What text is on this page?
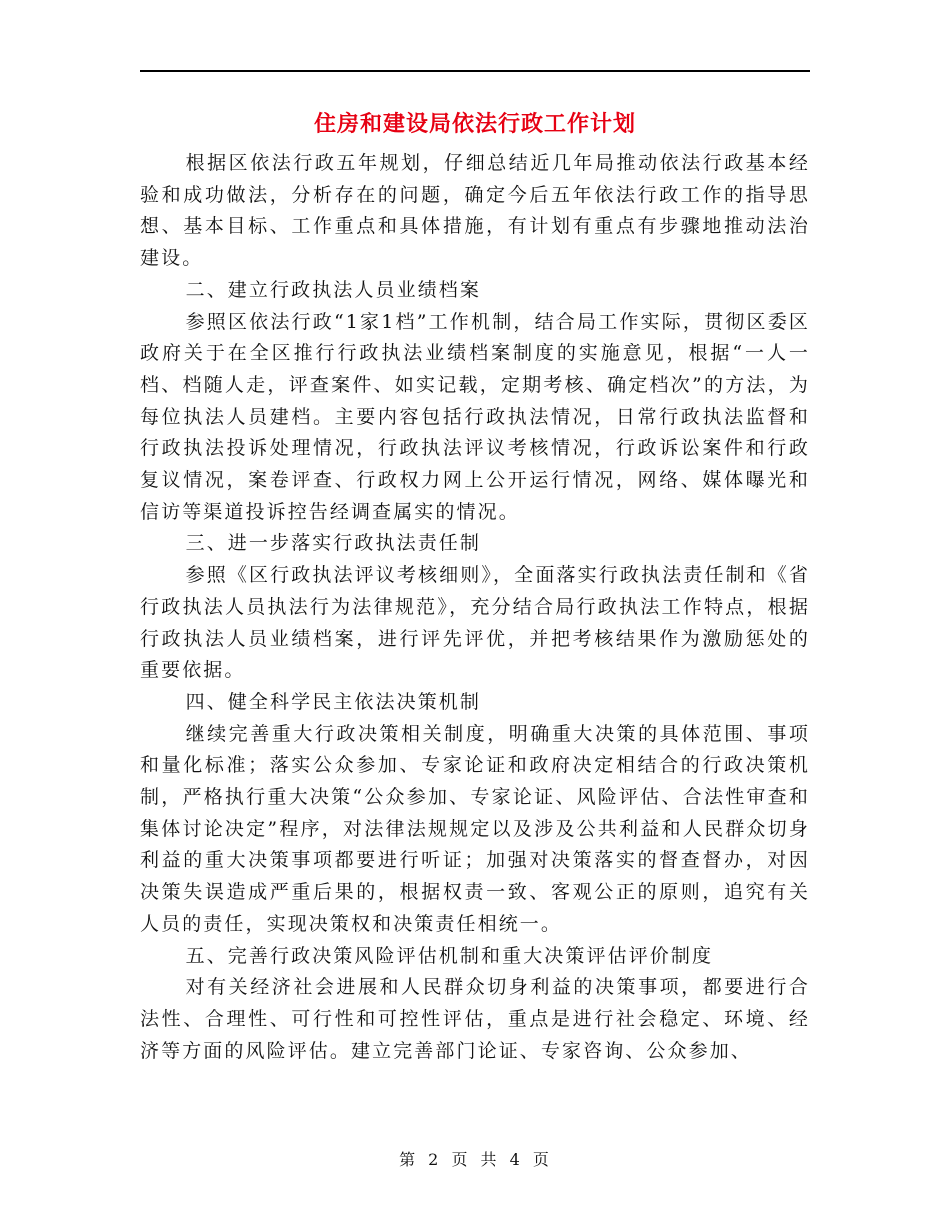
住房和建设局依法行政工作计划

根据区依法行政五年规划，仔细总结近几年局推动依法行政基本经验和成功做法，分析存在的问题，确定今后五年依法行政工作的指导思想、基本目标、工作重点和具体措施，有计划有重点有步骤地推动法治建设。

二、建立行政执法人员业绩档案

参照区依法行政“1家1档”工作机制，结合局工作实际，贯彻区委区政府关于在全区推行行政执法业绩档案制度的实施意见，根据“一人一档、档随人走，评查案件、如实记载，定期考核、确定档次”的方法，为每位执法人员建档。主要内容包括行政执法情况，日常行政执法监督和行政执法投诉处理情况，行政执法评议考核情况，行政诉讼案件和行政复议情况，案卷评查、行政权力网上公开运行情况，网络、媒体曝光和信访等渠道投诉控告经调查属实的情况。

三、进一步落实行政执法责任制

参照《区行政执法评议考核细则》，全面落实行政执法责任制和《省行政执法人员执法行为法律规范》，充分结合局行政执法工作特点，根据行政执法人员业绩档案，进行评先评优，并把考核结果作为激励惩处的重要依据。

四、健全科学民主依法决策机制

继续完善重大行政决策相关制度，明确重大决策的具体范围、事项和量化标准；落实公众参加、专家论证和政府决定相结合的行政决策机制，严格执行重大决策“公众参加、专家论证、风险评估、合法性审查和集体讨论决定”程序，对法律法规规定以及涉及公共利益和人民群众切身利益的重大决策事项都要进行听证；加强对决策落实的督查督办，对因决策失误造成严重后果的，根据权责一致、客观公正的原则，追究有关人员的责任，实现决策权和决策责任相统一。

五、完善行政决策风险评估机制和重大决策评估评价制度

对有关经济社会进展和人民群众切身利益的决策事项，都要进行合法性、合理性、可行性和可控性评估，重点是进行社会稳定、环境、经济等方面的风险评估。建立完善部门论证、专家咨询、公众参加、

第 2 页 共 4 页
